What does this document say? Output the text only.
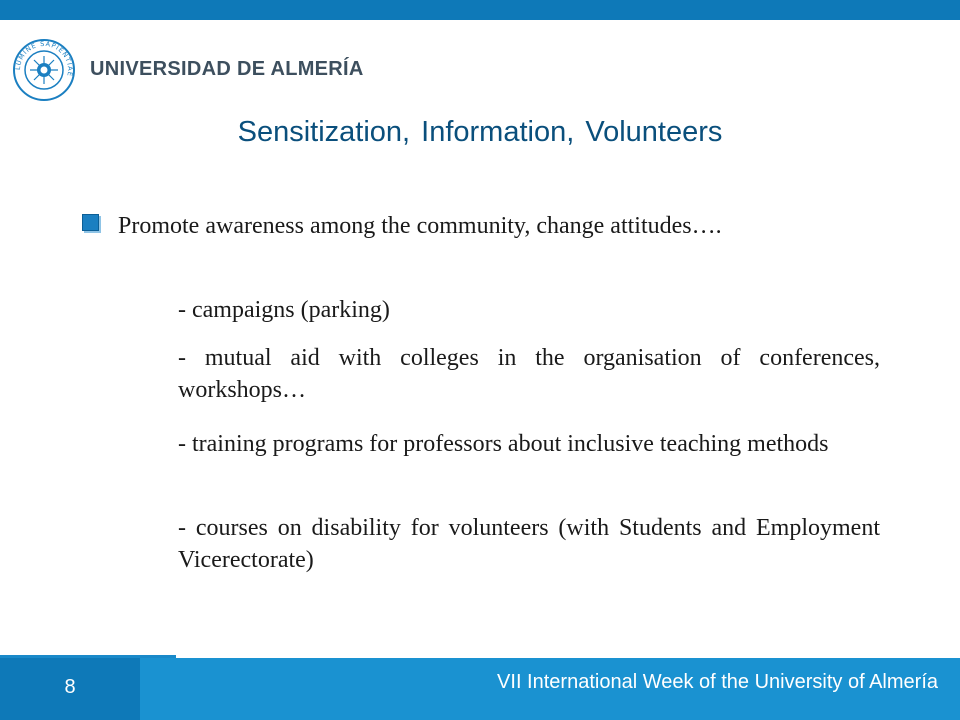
LUMINE SAPIENTIAE UNIVERSIDAD DE ALMERÍA
Sensitization, Information, Volunteers

Promote awareness among the community, change attitudes….

- campaigns (parking)

- mutual aid with colleges in the organisation of conferences, workshops…

- training programs for professors about inclusive teaching methods

- courses on disability for volunteers (with Students and Employment Vicerectorate)

8	VII International Week of the University of Almería
